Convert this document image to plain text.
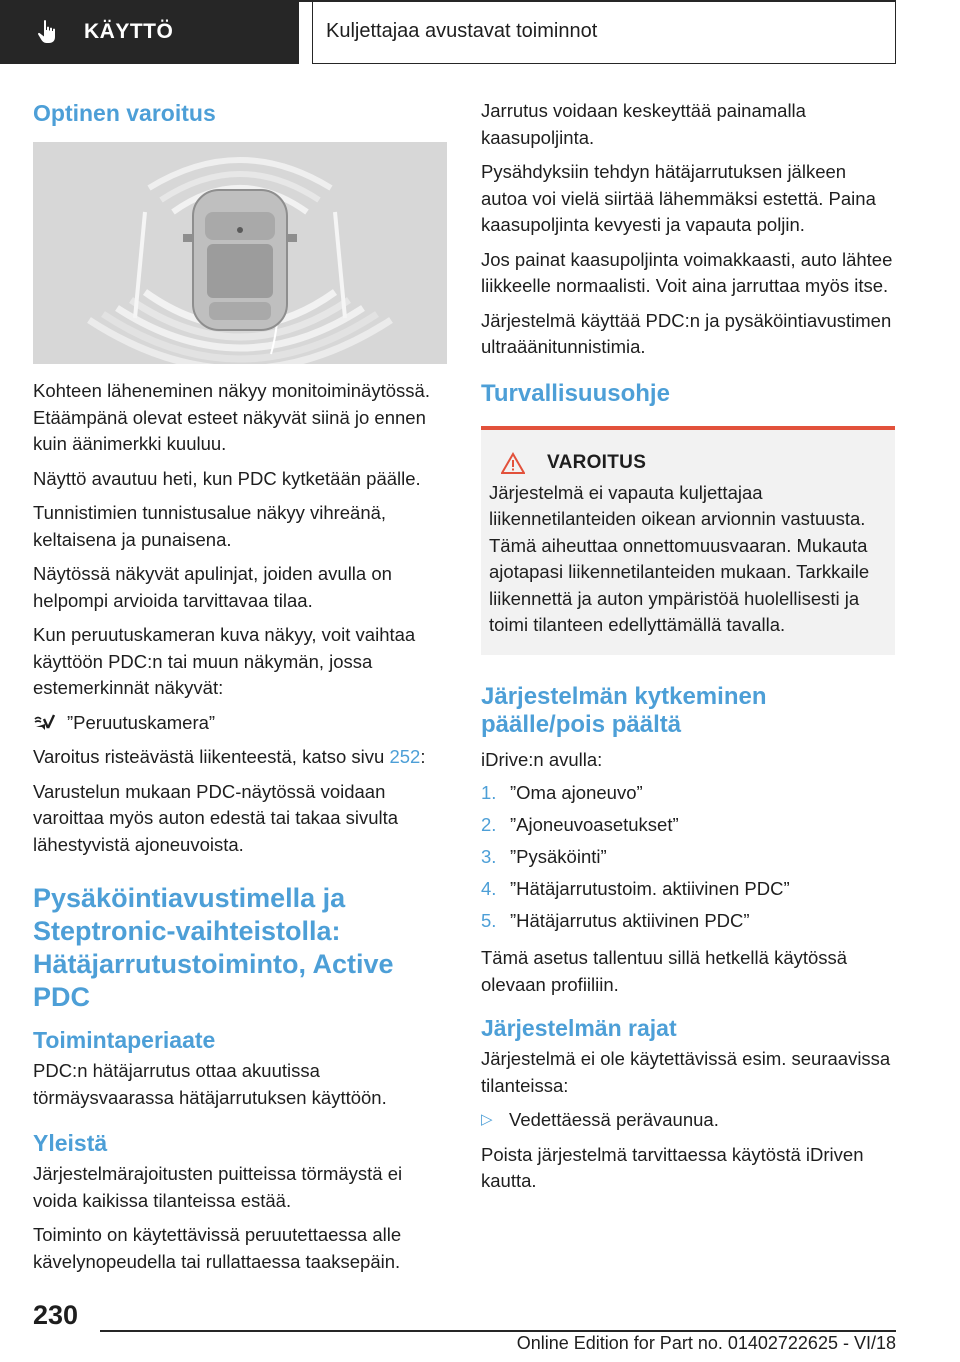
KÄYTTÖ	Kuljettajaa avustavat toiminnot
Optinen varoitus

Kohteen läheneminen näkyy monitoiminäytössä. Etäämpänä olevat esteet näkyvät siinä jo ennen kuin äänimerkki kuuluu.

Näyttö avautuu heti, kun PDC kytketään päälle.

Tunnistimien tunnistusalue näkyy vihreänä, keltaisena ja punaisena.

Näytössä näkyvät apulinjat, joiden avulla on helpompi arvioida tarvittavaa tilaa.

Kun peruutuskameran kuva näkyy, voit vaihtaa käyttöön PDC:n tai muun näkymän, jossa estemerkinnät näkyvät:

”Peruutuskamera”

Varoitus risteävästä liikenteestä, katso sivu 252:

Varustelun mukaan PDC-näytössä voidaan varoittaa myös auton edestä tai takaa sivulta lähestyvistä ajoneuvoista.

Pysäköintiavustimella ja Steptronic-vaihteistolla: Hätäjarrutustoiminto, Active PDC
Toimintaperiaate

PDC:n hätäjarrutus ottaa akuutissa törmäysvaarassa hätäjarrutuksen käyttöön.

Yleistä

Järjestelmärajoitusten puitteissa törmäystä ei voida kaikissa tilanteissa estää.

Toiminto on käytettävissä peruutettaessa alle kävelynopeudella tai rullattaessa taaksepäin.

Jarrutus voidaan keskeyttää painamalla kaasupoljinta.

Pysähdyksiin tehdyn hätäjarrutuksen jälkeen autoa voi vielä siirtää lähemmäksi estettä. Paina kaasupoljinta kevyesti ja vapauta poljin.

Jos painat kaasupoljinta voimakkaasti, auto lähtee liikkeelle normaalisti. Voit aina jarruttaa myös itse.

Järjestelmä käyttää PDC:n ja pysäköintiavustimen ultraäänitunnistimia.

Turvallisuusohje
VAROITUS

Järjestelmä ei vapauta kuljettajaa liikennetilanteiden oikean arvionnin vastuusta. Tämä aiheuttaa onnettomuusvaaran. Mukauta ajotapasi liikennetilanteiden mukaan. Tarkkaile liikennettä ja auton ympäristöä huolellisesti ja toimi tilanteen edellyttämällä tavalla.

Järjestelmän kytkeminen päälle/pois päältä

iDrive:n avulla:

1. ”Oma ajoneuvo”
2. ”Ajoneuvoasetukset”
3. ”Pysäköinti”
4. ”Hätäjarrutustoim. aktiivinen PDC”
5. ”Hätäjarrutus aktiivinen PDC”

Tämä asetus tallentuu sillä hetkellä käytössä olevaan profiiliin.

Järjestelmän rajat

Järjestelmä ei ole käytettävissä esim. seuraavissa tilanteissa:

▷ Vedettäessä perävaunua.

Poista järjestelmä tarvittaessa käytöstä iDriven kautta.

230
Online Edition for Part no. 01402722625 - VI/18
